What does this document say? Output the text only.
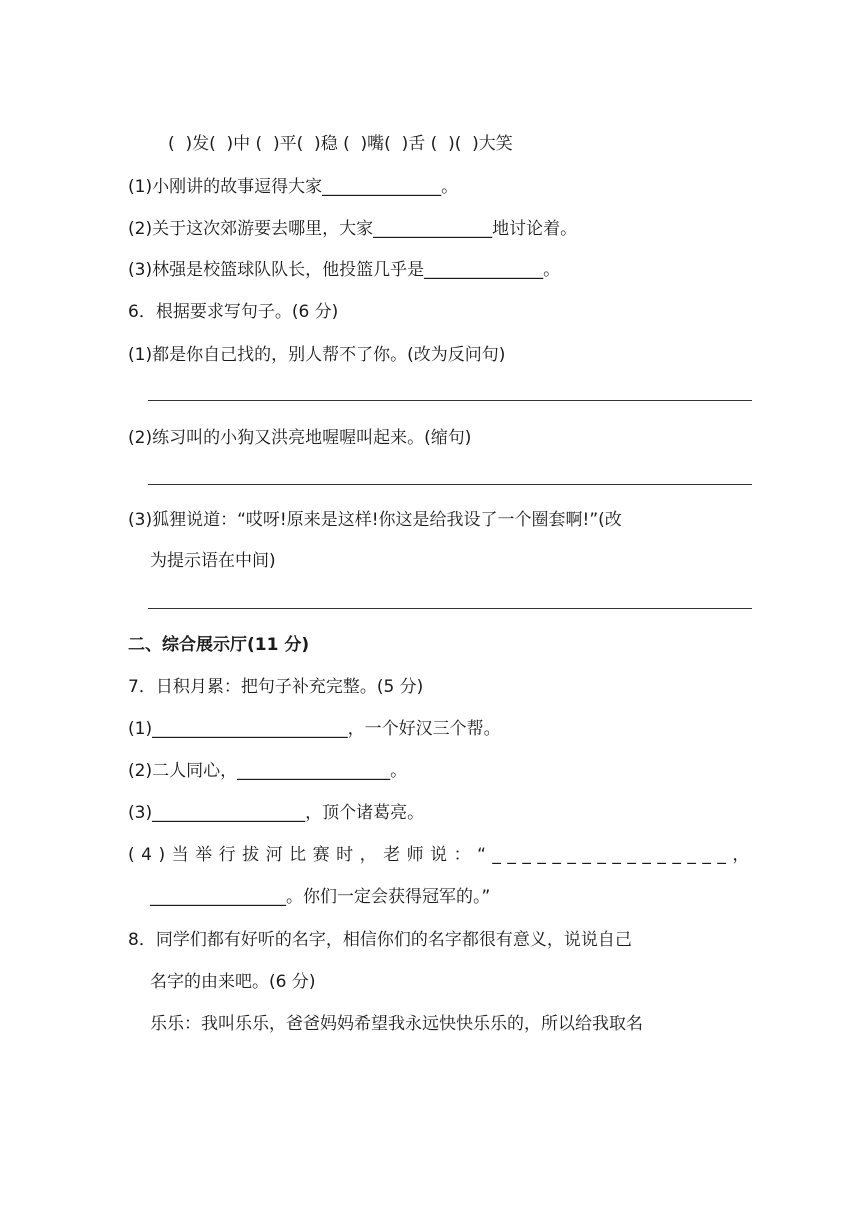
(  )发(  )中 (  )平(  )稳 (  )嘴(  )舌 (  )(  )大笑
(1)小刚讲的故事逗得大家______________。
(2)关于这次郊游要去哪里，大家______________地讨论着。
(3)林强是校篮球队队长，他投篮几乎是______________。
6．根据要求写句子。(6 分)
(1)都是你自己找的，别人帮不了你。(改为反问句)
(2)练习叫的小狗又洪亮地喔喔叫起来。(缩句)
(3)狐狸说道：“哎呀!原来是这样!你这是给我设了一个圈套啊!”(改
为提示语在中间)
二、综合展示厅(11 分)
7．日积月累：把句子补充完整。(5 分)
(1)_______________________，一个好汉三个帮。
(2)二人同心，__________________。
(3)__________________，顶个诸葛亮。
(4)当举行拔河比赛时，老师说：“________________，
________________。你们一定会获得冠军的。”
8．同学们都有好听的名字，相信你们的名字都很有意义，说说自己
名字的由来吧。(6 分)
乐乐：我叫乐乐，爸爸妈妈希望我永远快快乐乐的，所以给我取名
